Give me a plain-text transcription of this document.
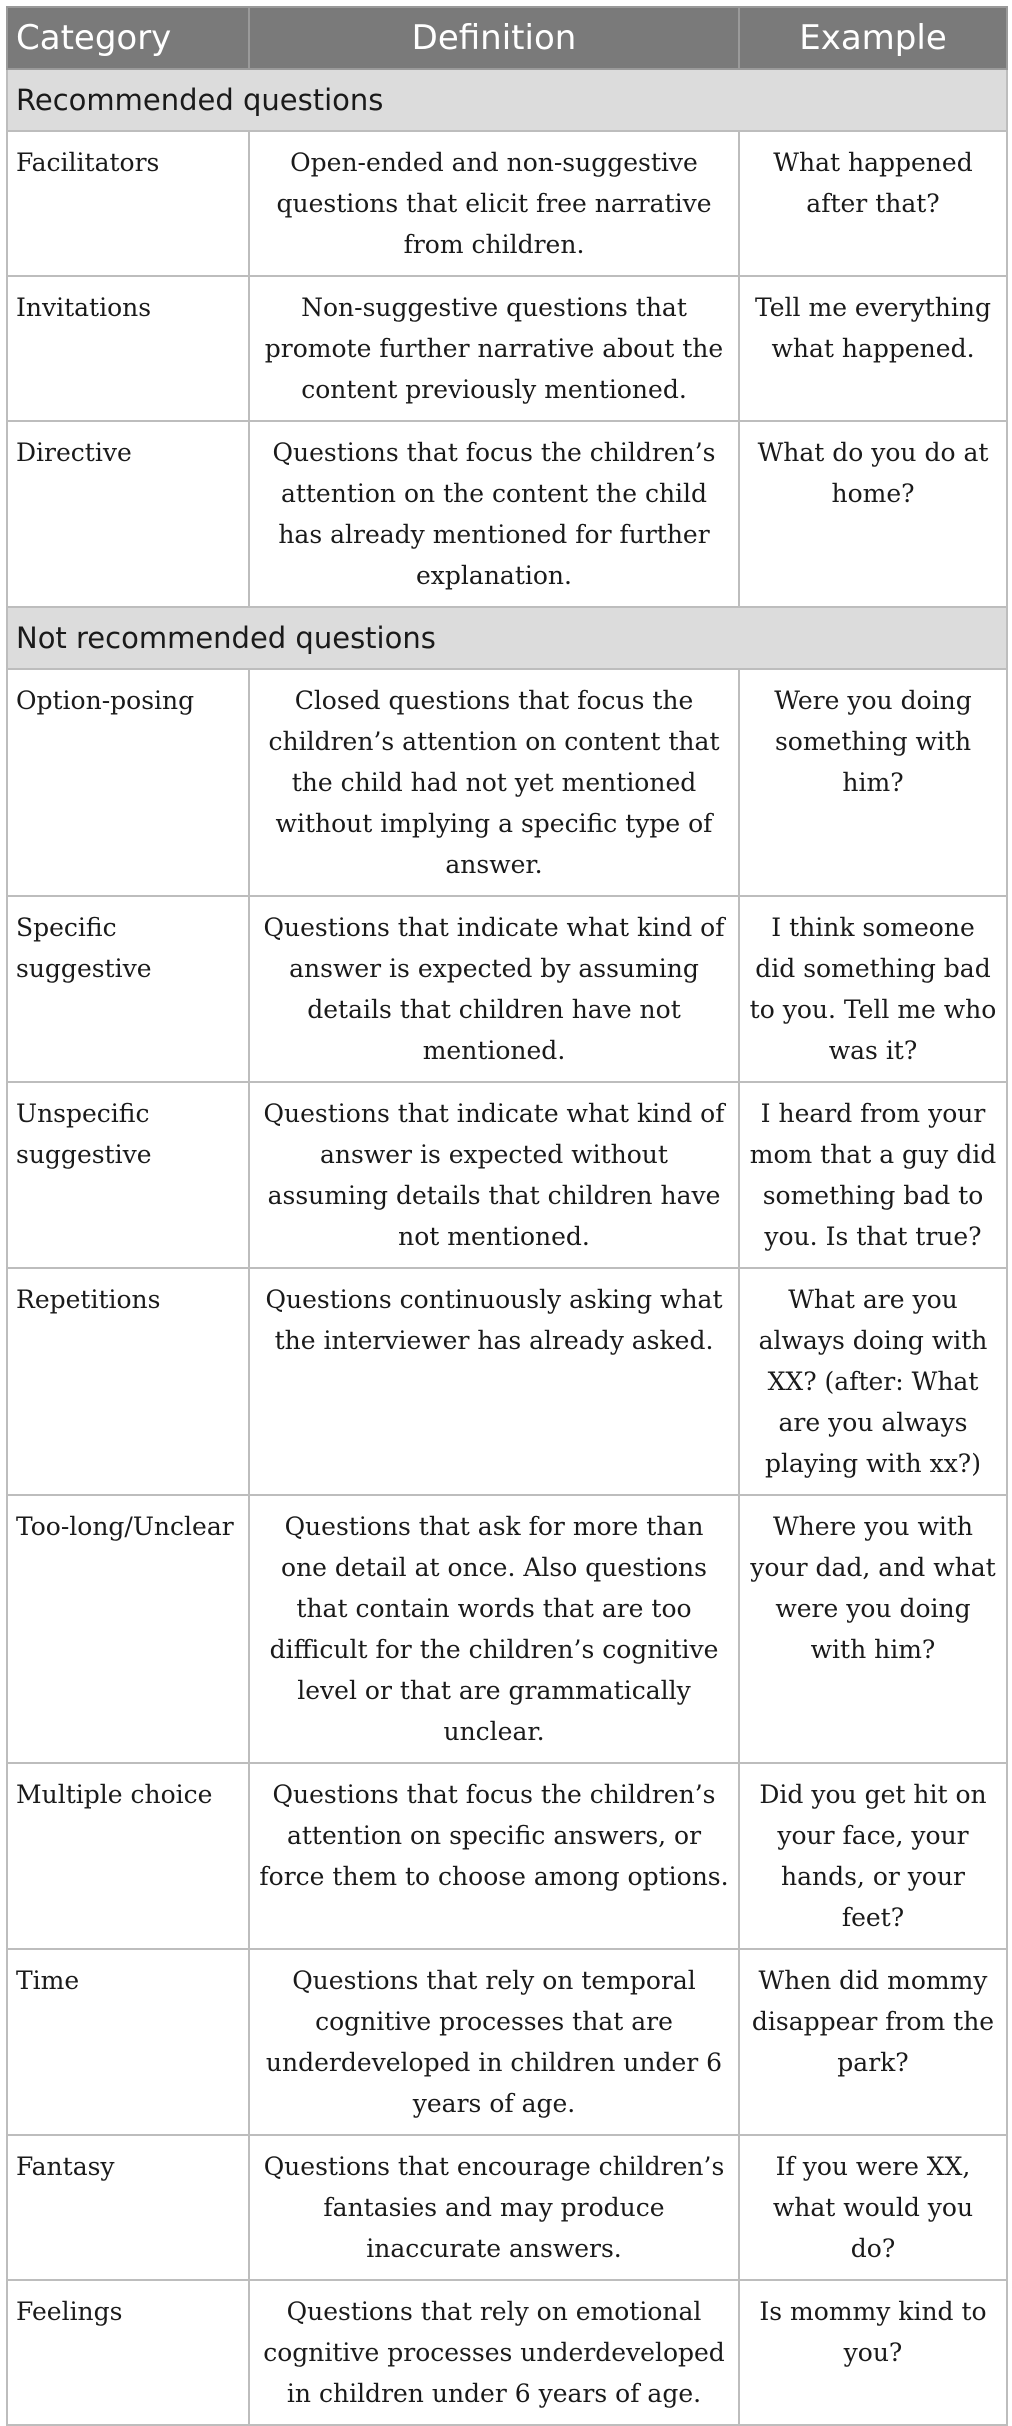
Category	Definition	Example
Recommended questions		
Facilitators	Open-ended and non-suggestive questions that elicit free narrative from children.	What happened after that?
Invitations	Non-suggestive questions that promote further narrative about the content previously mentioned.	Tell me everything what happened.
Directive	Questions that focus the children’s attention on the content the child has already mentioned for further explanation.	What do you do at home?
Not recommended questions		
Option-posing	Closed questions that focus the children’s attention on content that the child had not yet mentioned without implying a specific type of answer.	Were you doing something with him?
Specific suggestive	Questions that indicate what kind of answer is expected by assuming details that children have not mentioned.	I think someone did something bad to you. Tell me who was it?
Unspecific suggestive	Questions that indicate what kind of answer is expected without assuming details that children have not mentioned.	I heard from your mom that a guy did something bad to you. Is that true?
Repetitions	Questions continuously asking what the interviewer has already asked.	What are you always doing with XX? (after: What are you always playing with xx?)
Too-long/Unclear	Questions that ask for more than one detail at once. Also questions that contain words that are too difficult for the children’s cognitive level or that are grammatically unclear.	Where you with your dad, and what were you doing with him?
Multiple choice	Questions that focus the children’s attention on specific answers, or force them to choose among options.	Did you get hit on your face, your hands, or your feet?
Time	Questions that rely on temporal cognitive processes that are underdeveloped in children under 6 years of age.	When did mommy disappear from the park?
Fantasy	Questions that encourage children’s fantasies and may produce inaccurate answers.	If you were XX, what would you do?
Feelings	Questions that rely on emotional cognitive processes underdeveloped in children under 6 years of age.	Is mommy kind to you?
